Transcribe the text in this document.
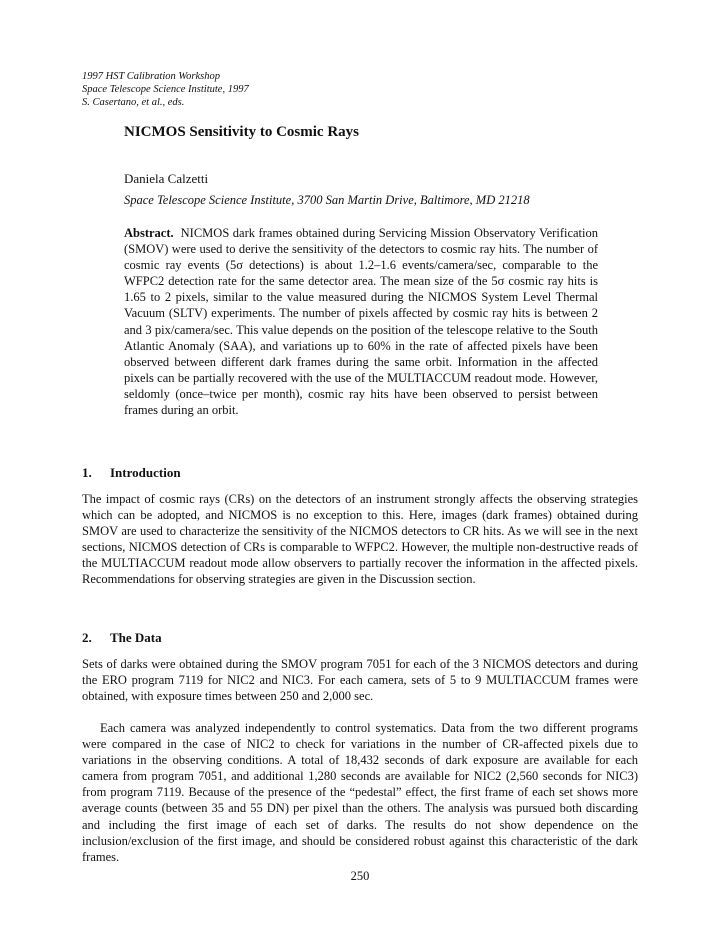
1997 HST Calibration Workshop
Space Telescope Science Institute, 1997
S. Casertano, et al., eds.
NICMOS Sensitivity to Cosmic Rays
Daniela Calzetti
Space Telescope Science Institute, 3700 San Martin Drive, Baltimore, MD 21218
Abstract. NICMOS dark frames obtained during Servicing Mission Observatory Verification (SMOV) were used to derive the sensitivity of the detectors to cosmic ray hits. The number of cosmic ray events (5σ detections) is about 1.2–1.6 events/camera/sec, comparable to the WFPC2 detection rate for the same detector area. The mean size of the 5σ cosmic ray hits is 1.65 to 2 pixels, similar to the value measured during the NICMOS System Level Thermal Vacuum (SLTV) experiments. The number of pixels affected by cosmic ray hits is between 2 and 3 pix/camera/sec. This value depends on the position of the telescope relative to the South Atlantic Anomaly (SAA), and variations up to 60% in the rate of affected pixels have been observed between different dark frames during the same orbit. Information in the affected pixels can be partially recovered with the use of the MULTIACCUM readout mode. However, seldomly (once–twice per month), cosmic ray hits have been observed to persist between frames during an orbit.
1. Introduction

The impact of cosmic rays (CRs) on the detectors of an instrument strongly affects the observing strategies which can be adopted, and NICMOS is no exception to this. Here, images (dark frames) obtained during SMOV are used to characterize the sensitivity of the NICMOS detectors to CR hits. As we will see in the next sections, NICMOS detection of CRs is comparable to WFPC2. However, the multiple non-destructive reads of the MULTIACCUM readout mode allow observers to partially recover the information in the affected pixels. Recommendations for observing strategies are given in the Discussion section.

2. The Data

Sets of darks were obtained during the SMOV program 7051 for each of the 3 NICMOS detectors and during the ERO program 7119 for NIC2 and NIC3. For each camera, sets of 5 to 9 MULTIACCUM frames were obtained, with exposure times between 250 and 2,000 sec.

Each camera was analyzed independently to control systematics. Data from the two different programs were compared in the case of NIC2 to check for variations in the number of CR-affected pixels due to variations in the observing conditions. A total of 18,432 seconds of dark exposure are available for each camera from program 7051, and additional 1,280 seconds are available for NIC2 (2,560 seconds for NIC3) from program 7119. Because of the presence of the “pedestal” effect, the first frame of each set shows more average counts (between 35 and 55 DN) per pixel than the others. The analysis was pursued both discarding and including the first image of each set of darks. The results do not show dependence on the inclusion/exclusion of the first image, and should be considered robust against this characteristic of the dark frames.

250
